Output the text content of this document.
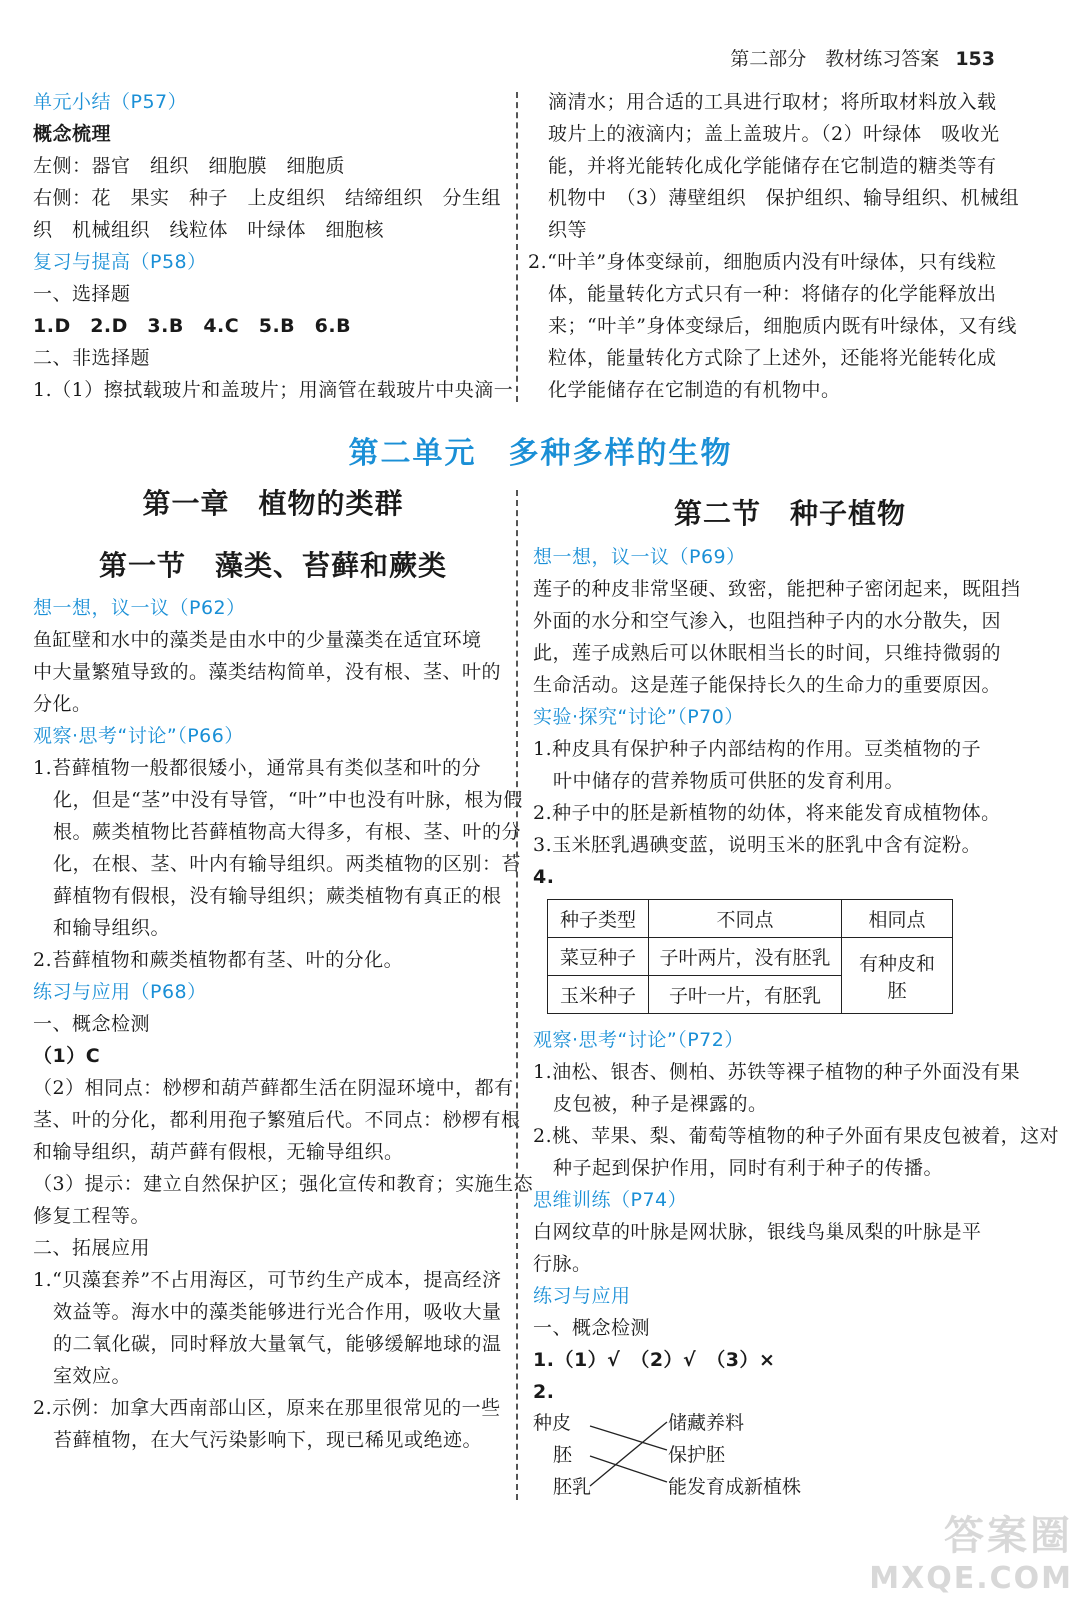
第二部分　教材练习答案 153
单元小结（P57）
概念梳理
左侧：器官　组织　细胞膜　细胞质
右侧：花　果实　种子　上皮组织　结缔组织　分生组
织　机械组织　线粒体　叶绿体　细胞核
复习与提高（P58）
一、选择题
1.D　2.D　3.B　4.C　5.B　6.B
二、非选择题
1.（1）擦拭载玻片和盖玻片；用滴管在载玻片中央滴一
滴清水；用合适的工具进行取材；将所取材料放入载
玻片上的液滴内；盖上盖玻片。（2）叶绿体　吸收光
能，并将光能转化成化学能储存在它制造的糖类等有
机物中　（3）薄壁组织　保护组织、输导组织、机械组
织等
2.“叶羊”身体变绿前，细胞质内没有叶绿体，只有线粒
体，能量转化方式只有一种：将储存的化学能释放出
来；“叶羊”身体变绿后，细胞质内既有叶绿体，又有线
粒体，能量转化方式除了上述外，还能将光能转化成
化学能储存在它制造的有机物中。
第二单元　多种多样的生物
第一章　植物的类群
第一节　藻类、苔藓和蕨类
想一想，议一议（P62）
鱼缸壁和水中的藻类是由水中的少量藻类在适宜环境
中大量繁殖导致的。藻类结构简单，没有根、茎、叶的
分化。
观察·思考“讨论”（P66）
1.苔藓植物一般都很矮小，通常具有类似茎和叶的分
化，但是“茎”中没有导管，“叶”中也没有叶脉，根为假
根。蕨类植物比苔藓植物高大得多，有根、茎、叶的分
化，在根、茎、叶内有输导组织。两类植物的区别：苔
藓植物有假根，没有输导组织；蕨类植物有真正的根
和输导组织。
2.苔藓植物和蕨类植物都有茎、叶的分化。
练习与应用（P68）
一、概念检测
（1）C
（2）相同点：桫椤和葫芦藓都生活在阴湿环境中，都有
茎、叶的分化，都利用孢子繁殖后代。不同点：桫椤有根
和输导组织，葫芦藓有假根，无输导组织。
（3）提示：建立自然保护区；强化宣传和教育；实施生态
修复工程等。
二、拓展应用
1.“贝藻套养”不占用海区，可节约生产成本，提高经济
效益等。海水中的藻类能够进行光合作用，吸收大量
的二氧化碳，同时释放大量氧气，能够缓解地球的温
室效应。
2.示例：加拿大西南部山区，原来在那里很常见的一些
苔藓植物，在大气污染影响下，现已稀见或绝迹。
第二节　种子植物
想一想，议一议（P69）
莲子的种皮非常坚硬、致密，能把种子密闭起来，既阻挡
外面的水分和空气渗入，也阻挡种子内的水分散失，因
此，莲子成熟后可以休眠相当长的时间，只维持微弱的
生命活动。这是莲子能保持长久的生命力的重要原因。
实验·探究“讨论”（P70）
1.种皮具有保护种子内部结构的作用。豆类植物的子
叶中储存的营养物质可供胚的发育利用。
2.种子中的胚是新植物的幼体，将来能发育成植物体。
3.玉米胚乳遇碘变蓝，说明玉米的胚乳中含有淀粉。
4.
种子类型	不同点	相同点
菜豆种子	子叶两片，没有胚乳	有种皮和胚
玉米种子	子叶一片，有胚乳	
观察·思考“讨论”（P72）
1.油松、银杏、侧柏、苏铁等裸子植物的种子外面没有果
皮包被，种子是裸露的。
2.桃、苹果、梨、葡萄等植物的种子外面有果皮包被着，这对
种子起到保护作用，同时有利于种子的传播。
思维训练（P74）
白网纹草的叶脉是网状脉，银线鸟巢凤梨的叶脉是平
行脉。
练习与应用
一、概念检测
1.（1）√　（2）√　（3）×
2.
种皮
胚
胚乳
储藏养料
保护胚
能发育成新植株
答案圈
MXQE.COM
